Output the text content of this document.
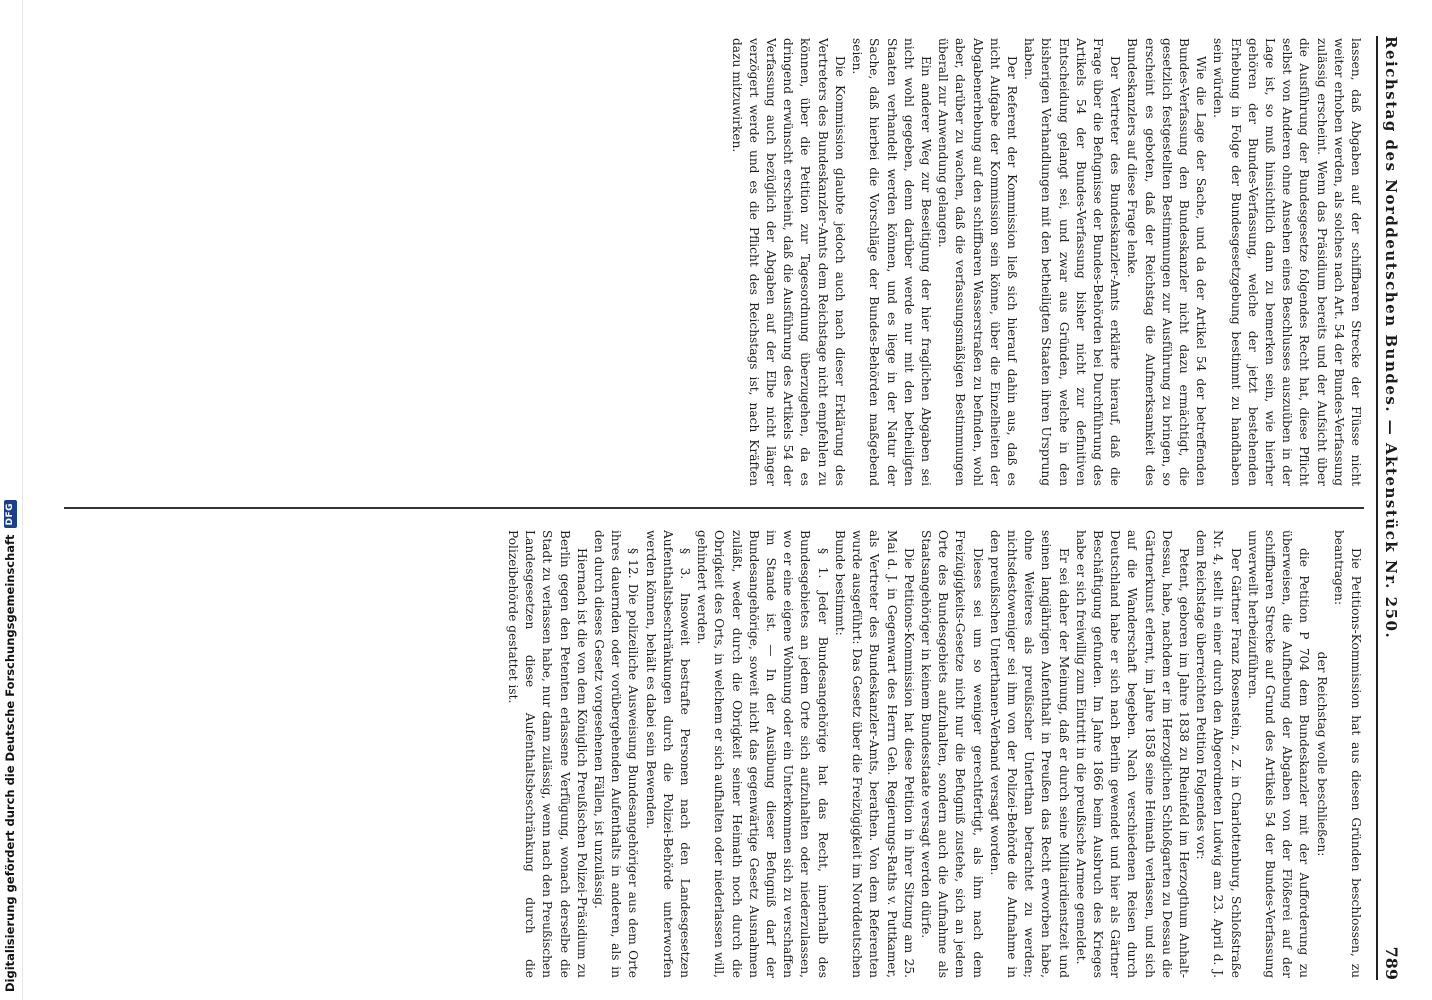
Digitalisierung gefördert durch die Deutsche Forschungsgemeinschaft
DFG	Reichstag des Norddeutschen Bundes. — Aktenstück Nr. 250.
789

lassen, daß Abgaben auf der schiffbaren Strecke der Flüsse nicht weiter erhoben werden, als solches nach Art. 54 der Bundes-Verfassung zulässig erscheint. Wenn das Präsidium bereits und der Aufsicht über die Ausführung der Bundesgesetze folgendes Recht hat, diese Pflicht selbst von Anderen ohne Ansehen eines Beschlusses auszuüben in der Lage ist, so muß hinsichtlich dann zu bemerken sein, wie hierher gehören der Bundes-Verfassung, welche der jetzt bestehenden Erhebung in Folge der Bundesgesetzgebung bestimmt zu handhaben sein würden.

Wie die Lage der Sache, und da der Artikel 54 der betreffenden Bundes-Verfassung den Bundeskanzler nicht dazu ermächtigt, die gesetzlich festgestellten Bestimmungen zur Ausführung zu bringen, so erscheint es geboten, daß der Reichstag die Aufmerksamkeit des Bundeskanzlers auf diese Frage lenke.

Der Vertreter des Bundeskanzler-Amts erklärte hierauf, daß die Frage über die Befugnisse der Bundes-Behörden bei Durchführung des Artikels 54 der Bundes-Verfassung bisher nicht zur definitiven Entscheidung gelangt sei, und zwar aus Gründen, welche in den bisherigen Verhandlungen mit den betheiligten Staaten ihren Ursprung haben.

Der Referent der Kommission ließ sich hierauf dahin aus, daß es nicht Aufgabe der Kommission sein könne, über die Einzelheiten der Abgabenerhebung auf den schiffbaren Wasserstraßen zu befinden, wohl aber, darüber zu wachen, daß die verfassungsmäßigen Bestimmungen überall zur Anwendung gelangen.

Ein anderer Weg zur Beseitigung der hier fraglichen Abgaben sei nicht wohl gegeben, denn darüber werde nur mit den betheiligten Staaten verhandelt werden können, und es liege in der Natur der Sache, daß hierbei die Vorschläge der Bundes-Behörden maßgebend seien.

Die Kommission glaubte jedoch auch nach dieser Erklärung des Vertreters des Bundeskanzler-Amts dem Reichstage nicht empfehlen zu können, über die Petition zur Tagesordnung überzugehen, da es dringend erwünscht erscheint, daß die Ausführung des Artikels 54 der Verfassung auch bezüglich der Abgaben auf der Elbe nicht länger verzögert werde und es die Pflicht des Reichstags ist, nach Kräften dazu mitzuwirken.

Die Petitions-Kommission hat aus diesen Gründen beschlossen, zu beantragen:

der Reichstag wolle beschließen:

die Petition P 704 dem Bundeskanzler mit der Aufforderung zu überweisen, die Aufhebung der Abgaben von der Flößerei auf der schiffbaren Strecke auf Grund des Artikels 54 der Bundes-Verfassung unverweilt herbeizuführen.

Der Gärtner Franz Rosenstein, z. Z. in Charlottenburg, Schloßstraße Nr. 4, stellt in einer durch den Abgeordneten Ludwig am 23. April d. J. dem Reichstage überreichten Petition Folgendes vor:

Petent, geboren im Jahre 1838 zu Rheinfeld im Herzogthum Anhalt-Dessau, habe, nachdem er im Herzoglichen Schloßgarten zu Dessau die Gärtnerkunst erlernt, im Jahre 1858 seine Heimath verlassen, und sich auf die Wanderschaft begeben. Nach verschiedenen Reisen durch Deutschland habe er sich nach Berlin gewendet und hier als Gärtner Beschäftigung gefunden. Im Jahre 1866 beim Ausbruch des Krieges habe er sich freiwillig zum Eintritt in die preußische Armee gemeldet.

Er sei daher der Meinung, daß er durch seine Militairdienstzeit und seinen langjährigen Aufenthalt in Preußen das Recht erworben habe, ohne Weiteres als preußischer Unterthan betrachtet zu werden; nichtsdestoweniger sei ihm von der Polizei-Behörde die Aufnahme in den preußischen Unterthanen-Verband versagt worden.

Dieses sei um so weniger gerechtfertigt, als ihm nach dem Freizügigkeits-Gesetze nicht nur die Befugniß zustehe, sich an jedem Orte des Bundesgebiets aufzuhalten, sondern auch die Aufnahme als Staatsangehöriger in keinem Bundesstaate versagt werden dürfe.

Die Petitions-Kommission hat diese Petition in ihrer Sitzung am 25. Mai d. J. in Gegenwart des Herrn Geh. Regierungs-Raths v. Puttkamer, als Vertreter des Bundeskanzler-Amts, berathen. Von dem Referenten wurde ausgeführt: Das Gesetz über die Freizügigkeit im Norddeutschen Bunde bestimmt:

§ 1. Jeder Bundesangehörige hat das Recht, innerhalb des Bundesgebietes an jedem Orte sich aufzuhalten oder niederzulassen, wo er eine eigene Wohnung oder ein Unterkommen sich zu verschaffen im Stande ist. — In der Ausübung dieser Befugniß darf der Bundesangehörige, soweit nicht das gegenwärtige Gesetz Ausnahmen zuläßt, weder durch die Obrigkeit seiner Heimath noch durch die Obrigkeit des Orts, in welchem er sich aufhalten oder niederlassen will, gehindert werden.

§ 3. Insoweit bestrafte Personen nach den Landesgesetzen Aufenthaltsbeschränkungen durch die Polizei-Behörde unterworfen werden können, behält es dabei sein Bewenden.

§ 12. Die polizeiliche Ausweisung Bundesangehöriger aus dem Orte ihres dauernden oder vorübergehenden Aufenthalts in anderen, als in den durch dieses Gesetz vorgesehenen Fällen, ist unzulässig.

Hiernach ist die von dem Königlich Preußischen Polizei-Präsidium zu Berlin gegen den Petenten erlassene Verfügung, wonach derselbe die Stadt zu verlassen habe, nur dann zulässig, wenn nach den Preußischen Landesgesetzen diese Aufenthaltsbeschränkung durch die Polizeibehörde gestattet ist.
